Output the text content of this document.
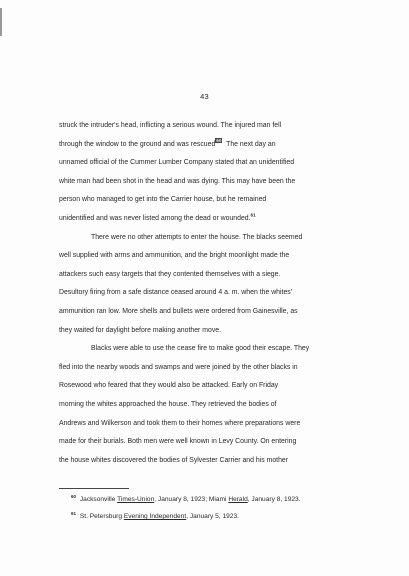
43
struck the intruder's head, inflicting a serious wound. The injured man fell
through the window to the ground and was rescued$^{60}$  The next day an
unnamed official of the Cummer Lumber Company stated that an unidentified
white man had been shot in the head and was dying. This may have been the
person who managed to get into the Carrier house, but he remained
unidentified and was never listed among the dead or wounded.$^{61}$
There were no other attempts to enter the house. The blacks seemed
well supplied with arms and ammunition, and the bright moonlight made the
attackers such easy targets that they contented themselves with a siege.
Desultory firing from a safe distance ceased around 4 a. m. when the whites'
ammunition ran low. More shells and bullets were ordered from Gainesville, as
they waited for daylight before making another move.
Blacks were able to use the cease fire to make good their escape. They
fled into the nearby woods and swamps and were joined by the other blacks in
Rosewood who feared that they would also be attacked. Early on Friday
morning the whites approached the house. They retrieved the bodies of
Andrews and Wilkerson and took them to their homes where preparations were
made for their burials. Both men were well known in Levy County. On entering
the house whites discovered the bodies of Sylvester Carrier and his mother
$^{60}$ Jacksonville Times-Union, January 8, 1923; Miami Herald, January 8, 1923.
$^{61}$ St. Petersburg Evening Independent, January 5, 1923.
